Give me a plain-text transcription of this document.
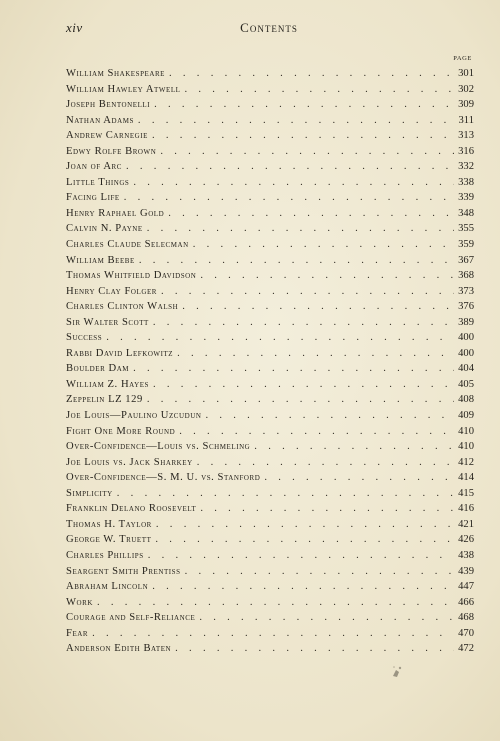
xiv	Contents
PAGE
William Shakespeare . . .	301
William Hawley Atwell . . .	302
Joseph Bentonelli . . .	309
Nathan Adams . . .	311
Andrew Carnegie . . .	313
Edwy Rolfe Brown . . .	316
Joan of Arc . . .	332
Little Things . . .	338
Facing Life . . .	339
Henry Raphael Gold . . .	348
Calvin N. Payne . . .	355
Charles Claude Selecman . . .	359
William Beebe . . .	367
Thomas Whitfield Davidson . . .	368
Henry Clay Folger . . .	373
Charles Clinton Walsh . . .	376
Sir Walter Scott . . .	389
Success . . .	400
Rabbi David Lefkowitz . . .	400
Boulder Dam . . .	404
William Z. Hayes . . .	405
Zeppelin LZ 129 . . .	408
Joe Louis—Paulino Uzcudun . . .	409
Fight One More Round . . .	410
Over-Confidence—Louis vs. Schmeling . . .	410
Joe Louis vs. Jack Sharkey . . .	412
Over-Confidence—S. M. U. vs. Stanford . . .	414
Simplicity . . .	415
Franklin Delano Roosevelt . . .	416
Thomas H. Taylor . . .	421
George W. Truett . . .	426
Charles Phillips . . .	438
Seargent Smith Prentiss . . .	439
Abraham Lincoln . . .	447
Work . . .	466
Courage and Self-Reliance . . .	468
Fear . . .	470
Anderson Edith Baten . . .	472
